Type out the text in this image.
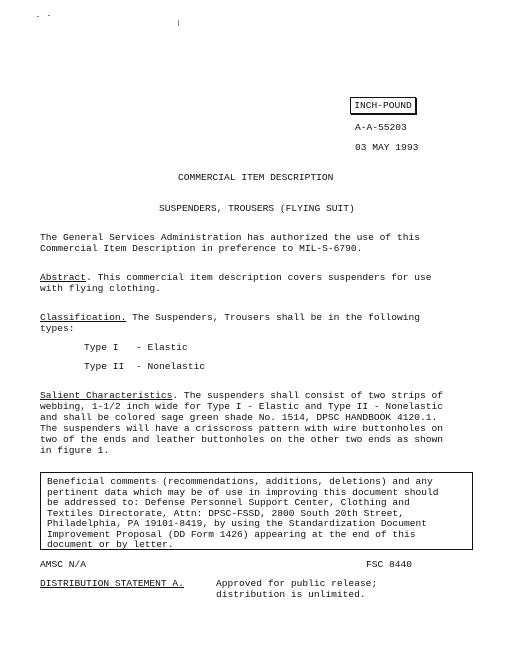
INCH-POUND
A-A-55203
03 MAY 1993
COMMERCIAL ITEM DESCRIPTION
SUSPENDERS, TROUSERS (FLYING SUIT)
The General Services Administration has authorized the use of this
Commercial Item Description in preference to MIL-S-6790.
Abstract. This commercial item description covers suspenders for use
with flying clothing.
Classification. The Suspenders, Trousers shall be in the following
types:
Type I - Elastic
Type II - Nonelastic
Salient Characteristics. The suspenders shall consist of two strips of
webbing, 1-1/2 inch wide for Type I - Elastic and Type II - Nonelastic
and shall be colored sage green shade No. 1514, DPSC HANDBOOK 4120.1.
The suspenders will have a crisscross pattern with wire buttonholes on
two of the ends and leather buttonholes on the other two ends as shown
in figure 1.
Beneficial comments (recommendations, additions, deletions) and any
pertinent data which may be of use in improving this document should
be addressed to: Defense Personnel Support Center, Clothing and
Textiles Directorate, Attn: DPSC-FSSD, 2800 South 20th Street,
Philadelphia, PA 19101-8419, by using the Standardization Document
Improvement Proposal (DD Form 1426) appearing at the end of this
document or by letter.
AMSC N/A	FSC 8440
DISTRIBUTION STATEMENT A.	Approved for public release;
distribution is unlimited.
